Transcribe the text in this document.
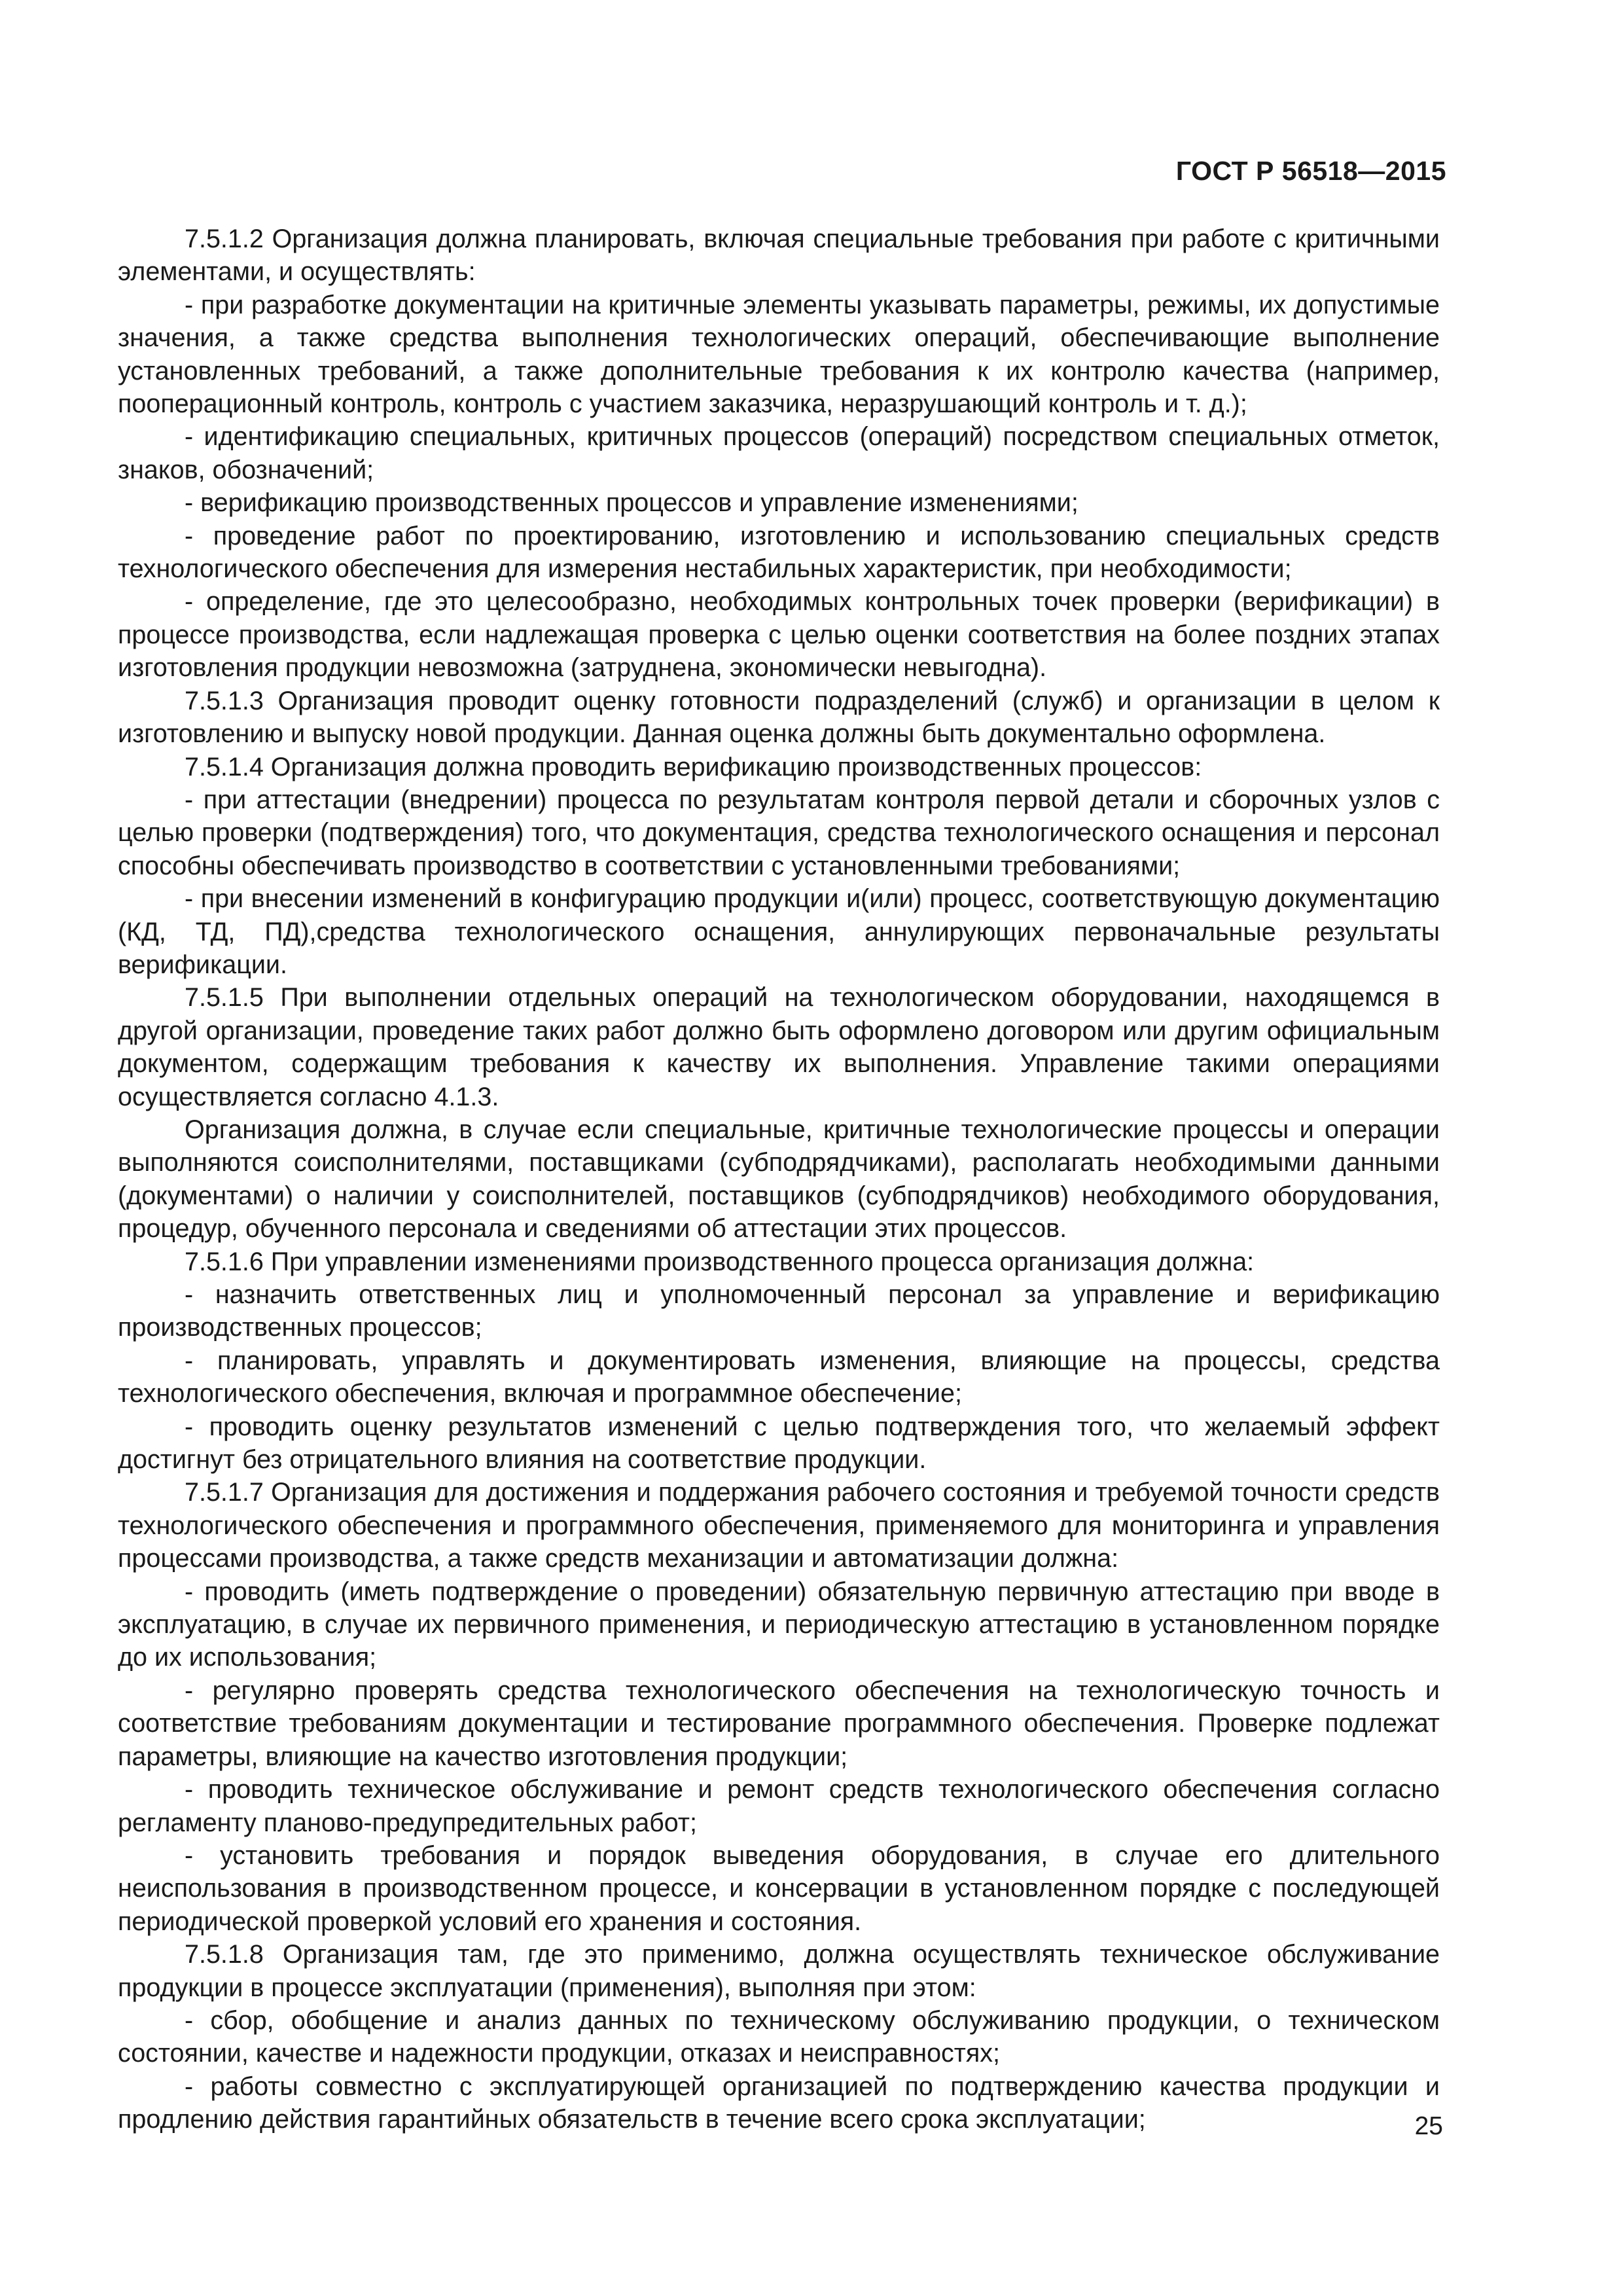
ГОСТ Р 56518—2015

7.5.1.2 Организация должна планировать, включая специальные требования при работе с критичными элементами, и осуществлять:

- при разработке документации на критичные элементы указывать параметры, режимы, их допустимые значения, а также средства выполнения технологических операций, обеспечивающие выполнение установленных требований, а также дополнительные требования к их контролю качества (например, пооперационный контроль, контроль с участием заказчика, неразрушающий контроль и т. д.);

- идентификацию специальных, критичных процессов (операций) посредством специальных отметок, знаков, обозначений;

- верификацию производственных процессов и управление изменениями;

- проведение работ по проектированию, изготовлению и использованию специальных средств технологического обеспечения для измерения нестабильных характеристик, при необходимости;

- определение, где это целесообразно, необходимых контрольных точек проверки (верификации) в процессе производства, если надлежащая проверка с целью оценки соответствия на более поздних этапах изготовления продукции невозможна (затруднена, экономически невыгодна).

7.5.1.3 Организация проводит оценку готовности подразделений (служб) и организации в целом к изготовлению и выпуску новой продукции. Данная оценка должны быть документально оформлена.

7.5.1.4 Организация должна проводить верификацию производственных процессов:

- при аттестации (внедрении) процесса по результатам контроля первой детали и сборочных узлов с целью проверки (подтверждения) того, что документация, средства технологического оснащения и персонал способны обеспечивать производство в соответствии с установленными требованиями;

- при внесении изменений в конфигурацию продукции и(или) процесс, соответствующую документацию (КД, ТД, ПД),средства технологического оснащения, аннулирующих первоначальные результаты верификации.

7.5.1.5 При выполнении отдельных операций на технологическом оборудовании, находящемся в другой организации, проведение таких работ должно быть оформлено договором или другим официальным документом, содержащим требования к качеству их выполнения. Управление такими операциями осуществляется согласно 4.1.3.

Организация должна, в случае если специальные, критичные технологические процессы и операции выполняются соисполнителями, поставщиками (субподрядчиками), располагать необходимыми данными (документами) о наличии у соисполнителей, поставщиков (субподрядчиков) необходимого оборудования, процедур, обученного персонала и сведениями об аттестации этих процессов.

7.5.1.6 При управлении изменениями производственного процесса организация должна:

- назначить ответственных лиц и уполномоченный персонал за управление и верификацию производственных процессов;

- планировать, управлять и документировать изменения, влияющие на процессы, средства технологического обеспечения, включая и программное обеспечение;

- проводить оценку результатов изменений с целью подтверждения того, что желаемый эффект достигнут без отрицательного влияния на соответствие продукции.

7.5.1.7 Организация для достижения и поддержания рабочего состояния и требуемой точности средств технологического обеспечения и программного обеспечения, применяемого для мониторинга и управления процессами производства, а также средств механизации и автоматизации должна:

- проводить (иметь подтверждение о проведении) обязательную первичную аттестацию при вводе в эксплуатацию, в случае их первичного применения, и периодическую аттестацию в установленном порядке до их использования;

- регулярно проверять средства технологического обеспечения на технологическую точность и соответствие требованиям документации и тестирование программного обеспечения. Проверке подлежат параметры, влияющие на качество изготовления продукции;

- проводить техническое обслуживание и ремонт средств технологического обеспечения согласно регламенту планово-предупредительных работ;

- установить требования и порядок выведения оборудования, в случае его длительного неиспользования в производственном процессе, и консервации в установленном порядке с последующей периодической проверкой условий его хранения и состояния.

7.5.1.8 Организация там, где это применимо, должна осуществлять техническое обслуживание продукции в процессе эксплуатации (применения), выполняя при этом:

- сбор, обобщение и анализ данных по техническому обслуживанию продукции, о техническом состоянии, качестве и надежности продукции, отказах и неисправностях;

- работы совместно с эксплуатирующей организацией по подтверждению качества продукции и продлению действия гарантийных обязательств в течение всего срока эксплуатации;	25
